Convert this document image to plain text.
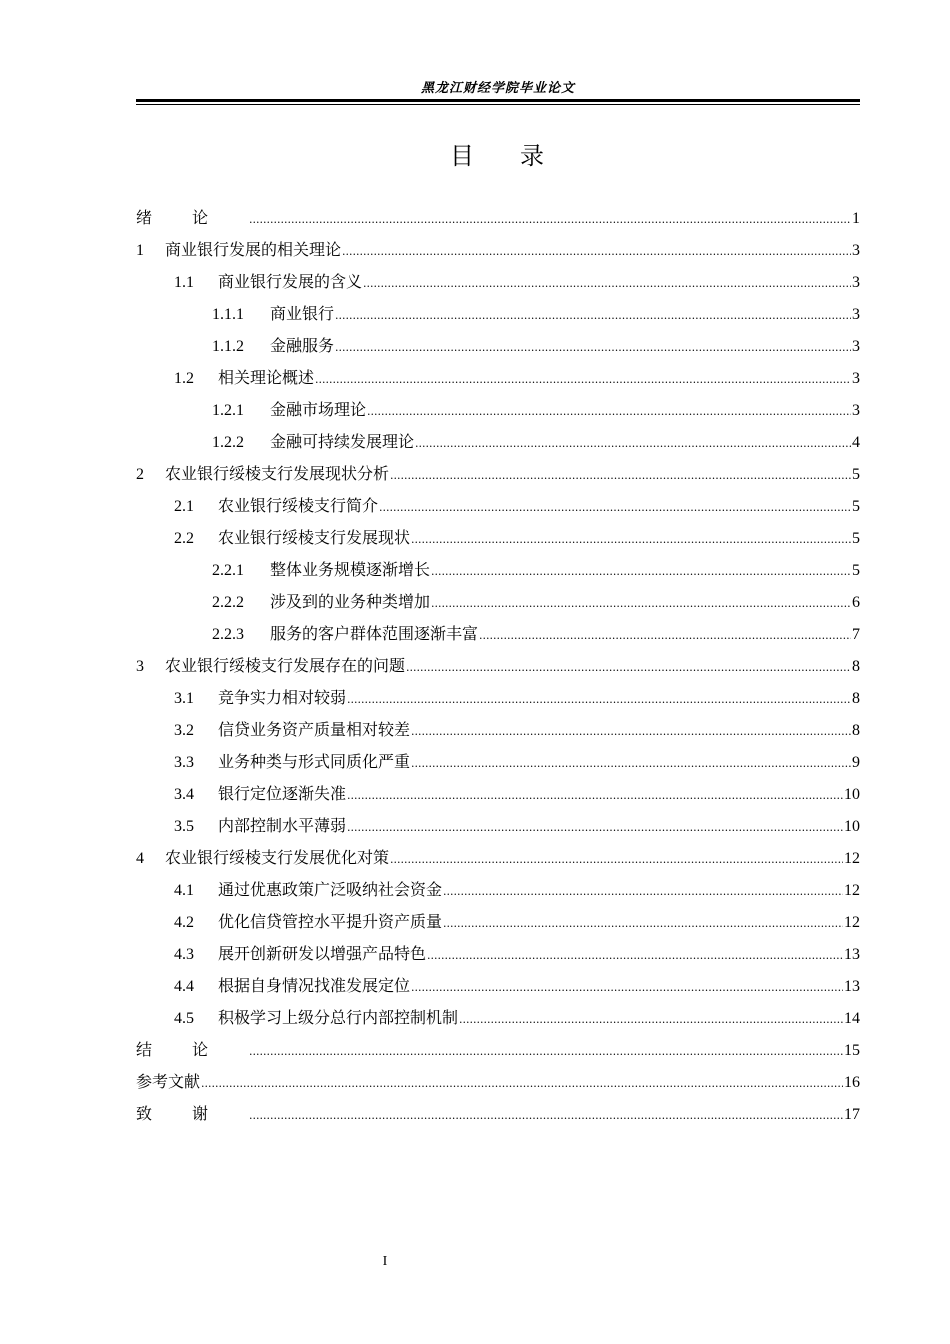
黑龙江财经学院毕业论文
目 录
绪论 .....	1
1	商业银行发展的相关理论 .....	3
1.1	商业银行发展的含义 .....	3
1.1.1	商业银行 .....	3
1.1.2	金融服务 .....	3
1.2	相关理论概述 .....	3
1.2.1	金融市场理论 .....	3
1.2.2	金融可持续发展理论 .....	4
2	农业银行绥棱支行发展现状分析 .....	5
2.1	农业银行绥棱支行简介 .....	5
2.2	农业银行绥棱支行发展现状 .....	5
2.2.1	整体业务规模逐渐增长 .....	5
2.2.2	涉及到的业务种类增加 .....	6
2.2.3	服务的客户群体范围逐渐丰富 .....	7
3	农业银行绥棱支行发展存在的问题 .....	8
3.1	竞争实力相对较弱 .....	8
3.2	信贷业务资产质量相对较差 .....	8
3.3	业务种类与形式同质化严重 .....	9
3.4	银行定位逐渐失准 .....	10
3.5	内部控制水平薄弱 .....	10
4	农业银行绥棱支行发展优化对策 .....	12
4.1	通过优惠政策广泛吸纳社会资金 .....	12
4.2	优化信贷管控水平提升资产质量 .....	12
4.3	展开创新研发以增强产品特色 .....	13
4.4	根据自身情况找准发展定位 .....	13
4.5	积极学习上级分总行内部控制机制 .....	14
结论 .....	15
参考文献 .....	16
致谢 .....	17
I
